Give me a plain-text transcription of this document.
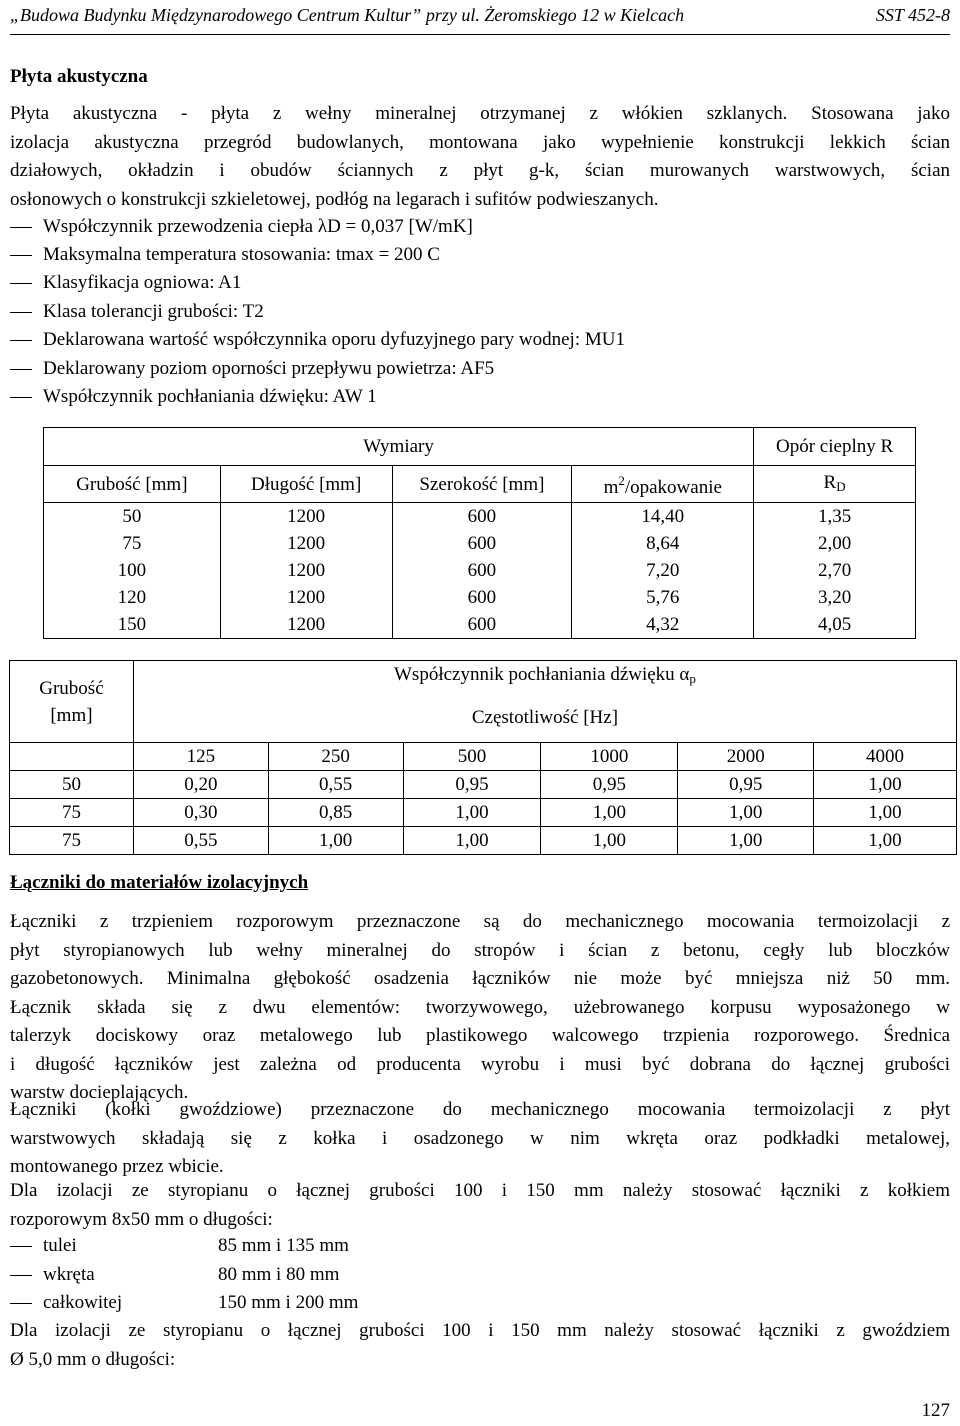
„Budowa Budynku Międzynarodowego Centrum Kultur” przy ul. Żeromskiego 12 w Kielcach	SST 452-8
Płyta akustyczna
Płyta akustyczna - płyta z wełny mineralnej otrzymanej z włókien szklanych. Stosowana jako
izolacja akustyczna przegród budowlanych, montowana jako wypełnienie konstrukcji lekkich ścian
działowych, okładzin i obudów ściannych z płyt g-k, ścian murowanych warstwowych, ścian
osłonowych o konstrukcji szkieletowej, podłóg na legarach i sufitów podwieszanych.
Współczynnik przewodzenia ciepła λD = 0,037 [W/mK]
Maksymalna temperatura stosowania: tmax = 200 C
Klasyfikacja ogniowa: A1
Klasa tolerancji grubości: T2
Deklarowana wartość współczynnika oporu dyfuzyjnego pary wodnej: MU1
Deklarowany poziom oporności przepływu powietrza: AF5
Współczynnik pochłaniania dźwięku: AW 1
Wymiary				Opór cieplny R
Grubość [mm]	Długość [mm]	Szerokość [mm]	$m^2$/opakowanie	$R_D$
50	1200	600	14,40	1,35
75	1200	600	8,64	2,00
100	1200	600	7,20	2,70
120	1200	600	5,76	3,20
150	1200	600	4,32	4,05
Grubość
[mm]	Współczynnik pochłaniania dźwięku $\alpha_p$
	Częstotliwość [Hz]					
	125	250	500	1000	2000	4000
50	0,20	0,55	0,95	0,95	0,95	1,00
75	0,30	0,85	1,00	1,00	1,00	1,00
75	0,55	1,00	1,00	1,00	1,00	1,00
Łączniki do materiałów izolacyjnych
Łączniki z trzpieniem rozporowym przeznaczone są do mechanicznego mocowania termoizolacji z
płyt styropianowych lub wełny mineralnej do stropów i ścian z betonu, cegły lub bloczków
gazobetonowych. Minimalna głębokość osadzenia łączników nie może być mniejsza niż 50 mm.
Łącznik składa się z dwu elementów: tworzywowego, użebrowanego korpusu wyposażonego w
talerzyk dociskowy oraz metalowego lub plastikowego walcowego trzpienia rozporowego. Średnica
i długość łączników jest zależna od producenta wyrobu i musi być dobrana do łącznej grubości
warstw docieplających.
Łączniki (kołki gwoździowe) przeznaczone do mechanicznego mocowania termoizolacji z płyt
warstwowych składają się z kołka i osadzonego w nim wkręta oraz podkładki metalowej,
montowanego przez wbicie.
Dla izolacji ze styropianu o łącznej grubości 100 i 150 mm należy stosować łączniki z kołkiem
rozporowym 8x50 mm o długości:
tulei	85 mm i 135 mm
wkręta	80 mm i 80 mm
całkowitej	150 mm i 200 mm
Dla izolacji ze styropianu o łącznej grubości 100 i 150 mm należy stosować łączniki z gwoździem
Ø 5,0 mm o długości:
127
